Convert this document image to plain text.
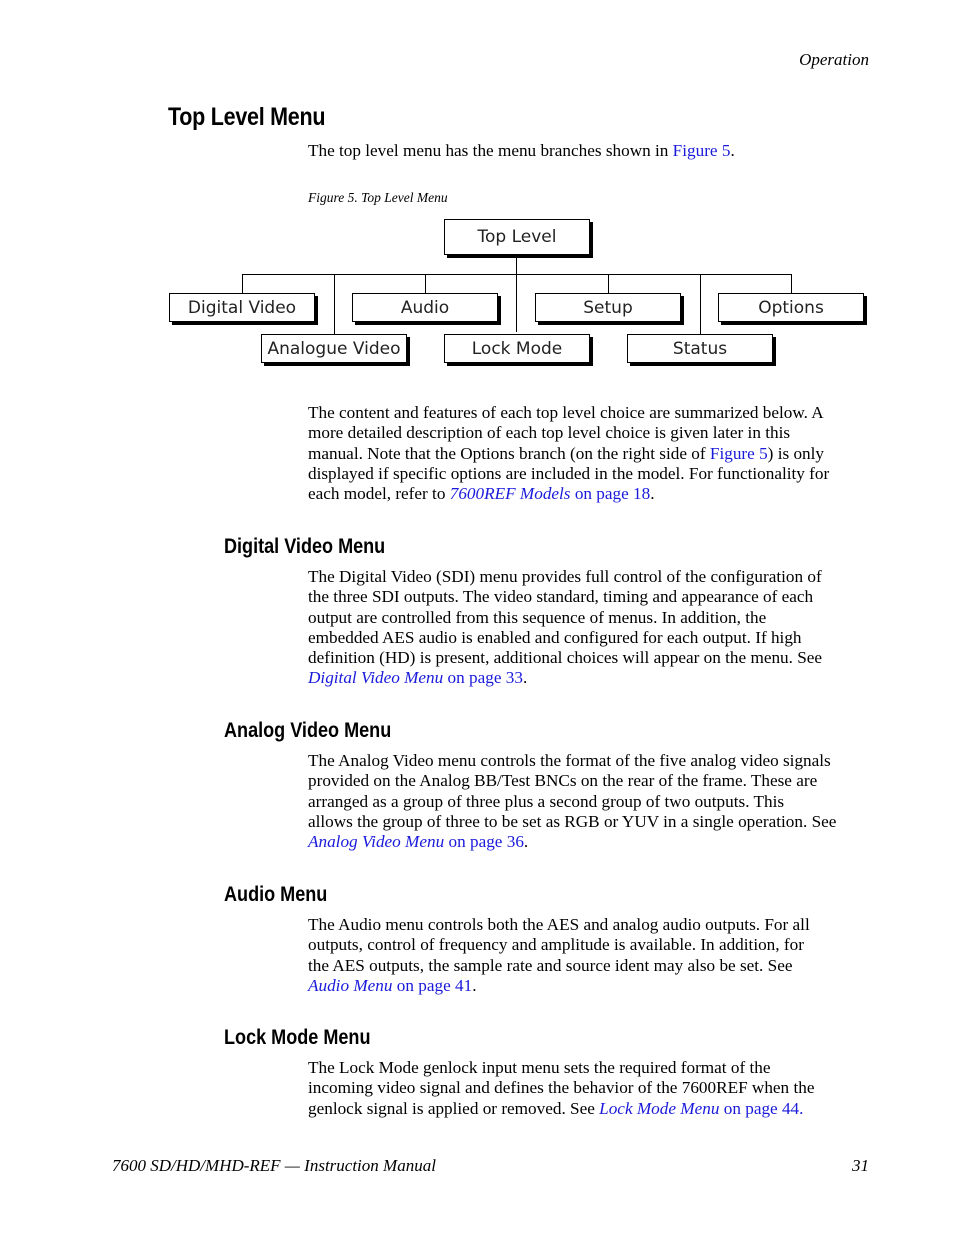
Operation
Top Level Menu
The top level menu has the menu branches shown in Figure 5.
Figure 5. Top Level Menu
Top Level
Digital Video	Audio	Setup	Options
Analogue Video	Lock Mode	Status
The content and features of each top level choice are summarized below. A
more detailed description of each top level choice is given later in this
manual. Note that the Options branch (on the right side of Figure 5) is only
displayed if specific options are included in the model. For functionality for
each model, refer to 7600REF Models on page 18.
Digital Video Menu
The Digital Video (SDI) menu provides full control of the configuration of
the three SDI outputs. The video standard, timing and appearance of each
output are controlled from this sequence of menus. In addition, the
embedded AES audio is enabled and configured for each output. If high
definition (HD) is present, additional choices will appear on the menu. See
Digital Video Menu on page 33.
Analog Video Menu
The Analog Video menu controls the format of the five analog video signals
provided on the Analog BB/Test BNCs on the rear of the frame. These are
arranged as a group of three plus a second group of two outputs. This
allows the group of three to be set as RGB or YUV in a single operation. See
Analog Video Menu on page 36.
Audio Menu
The Audio menu controls both the AES and analog audio outputs. For all
outputs, control of frequency and amplitude is available. In addition, for
the AES outputs, the sample rate and source ident may also be set. See
Audio Menu on page 41.
Lock Mode Menu
The Lock Mode genlock input menu sets the required format of the
incoming video signal and defines the behavior of the 7600REF when the
genlock signal is applied or removed. See Lock Mode Menu on page 44.
7600 SD/HD/MHD-REF — Instruction Manual	31
